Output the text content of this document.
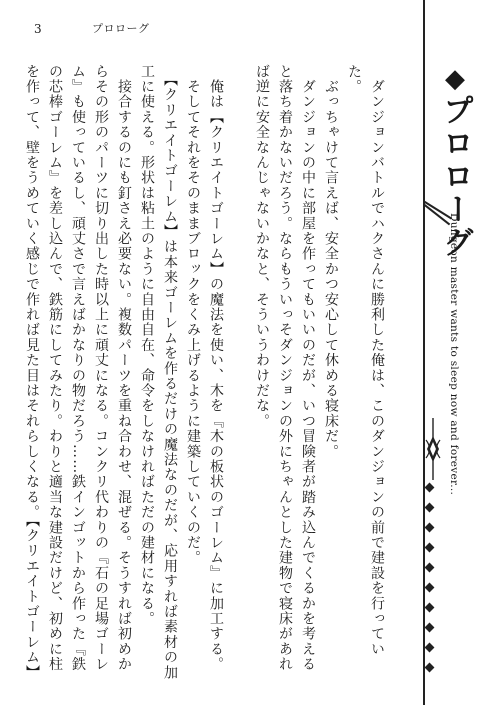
3	プロローグ
　ダンジョンバトルでハクさんに勝利した俺は、このダンジョンの前で建設を行っていた。
　ぶっちゃけて言えば、安全かつ安心して休める寝床だ。
　ダンジョンの中に部屋を作ってもいいのだが、いつ冒険者が踏み込んでくるかを考えると落ち着かないだろう。ならもういっそダンジョンの外にちゃんとした建物で寝床があれば逆に安全なんじゃないかなと、そういうわけだな。

　俺は【クリエイトゴーレム】の魔法を使い、木を『木の板状のゴーレム』に加工する。
　そしてそれをそのままブロックをくみ上げるように建築していくのだ。
　【クリエイトゴーレム】は本来ゴーレムを作るだけの魔法なのだが、応用すれば素材の加工に使える。形状は粘土のように自由自在、命令をしなければただの建材になる。
　接合するのにも釘さえ必要ない。複数パーツを重ね合わせ、混ぜる。そうすれば初めからその形のパーツに切り出した時以上に頑丈になる。コンクリ代わりの『石の足場ゴーレム』も使っているし、頑丈さで言えばかなりの物だろう……鉄インゴットから作った『鉄の芯棒ゴーレム』を差し込んで、鉄筋にしてみたり。わりと適当な建設だけど、初めに柱を作って、壁をうめていく感じで作れば見た目はそれらしくなる。【クリエイトゴーレム】	◆プロローグ
Dungeon master wants to sleep now and forever...
